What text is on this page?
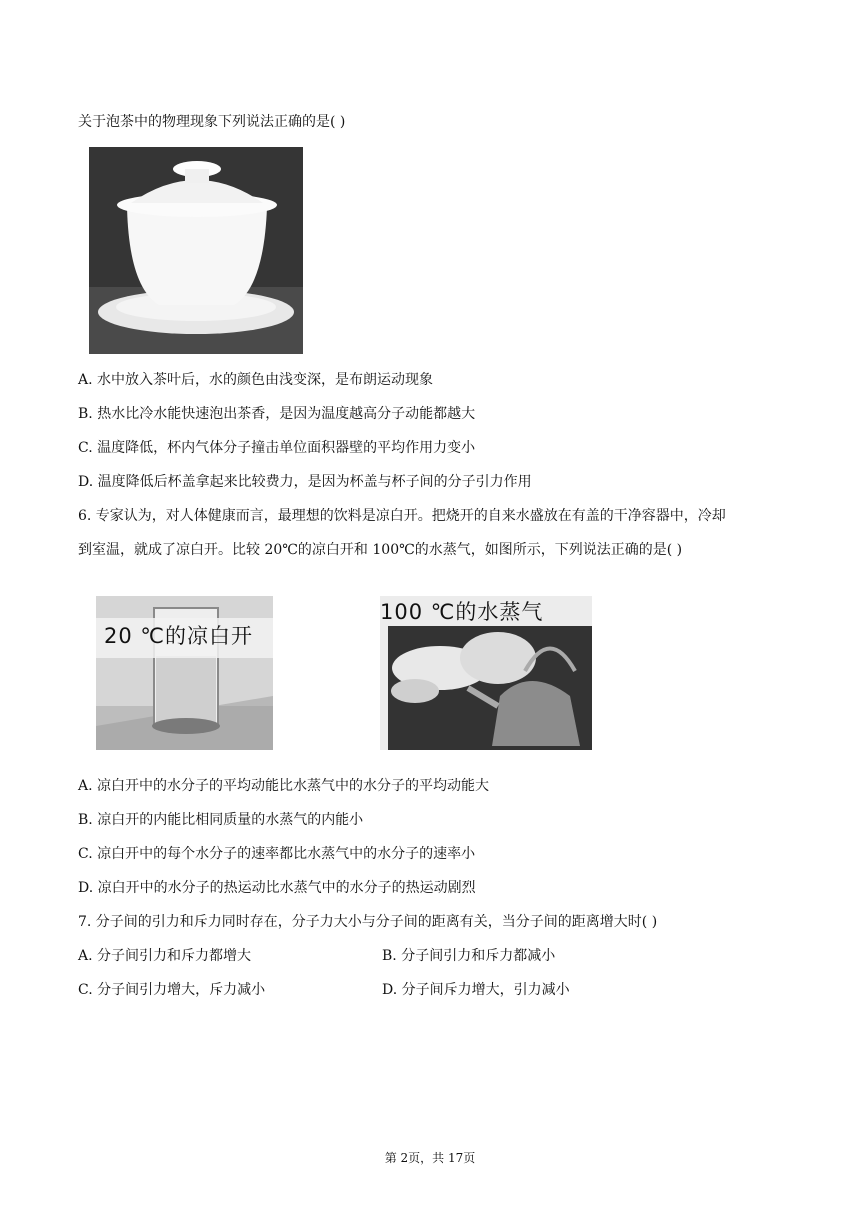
关于泡茶中的物理现象下列说法正确的是( )
A. 水中放入茶叶后，水的颜色由浅变深，是布朗运动现象
B. 热水比冷水能快速泡出茶香，是因为温度越高分子动能都越大
C. 温度降低，杯内气体分子撞击单位面积器壁的平均作用力变小
D. 温度降低后杯盖拿起来比较费力，是因为杯盖与杯子间的分子引力作用
6. 专家认为，对人体健康而言，最理想的饮料是凉白开。把烧开的自来水盛放在有盖的干净容器中，冷却
到室温，就成了凉白开。比较 20℃的凉白开和 100℃的水蒸气，如图所示，下列说法正确的是( )
20 ℃的凉白开
100 ℃的水蒸气
A. 凉白开中的水分子的平均动能比水蒸气中的水分子的平均动能大
B. 凉白开的内能比相同质量的水蒸气的内能小
C. 凉白开中的每个水分子的速率都比水蒸气中的水分子的速率小
D. 凉白开中的水分子的热运动比水蒸气中的水分子的热运动剧烈
7. 分子间的引力和斥力同时存在，分子力大小与分子间的距离有关，当分子间的距离增大时( )
A. 分子间引力和斥力都增大	B. 分子间引力和斥力都减小
C. 分子间引力增大，斥力减小	D. 分子间斥力增大，引力减小
第 2页，共 17页
